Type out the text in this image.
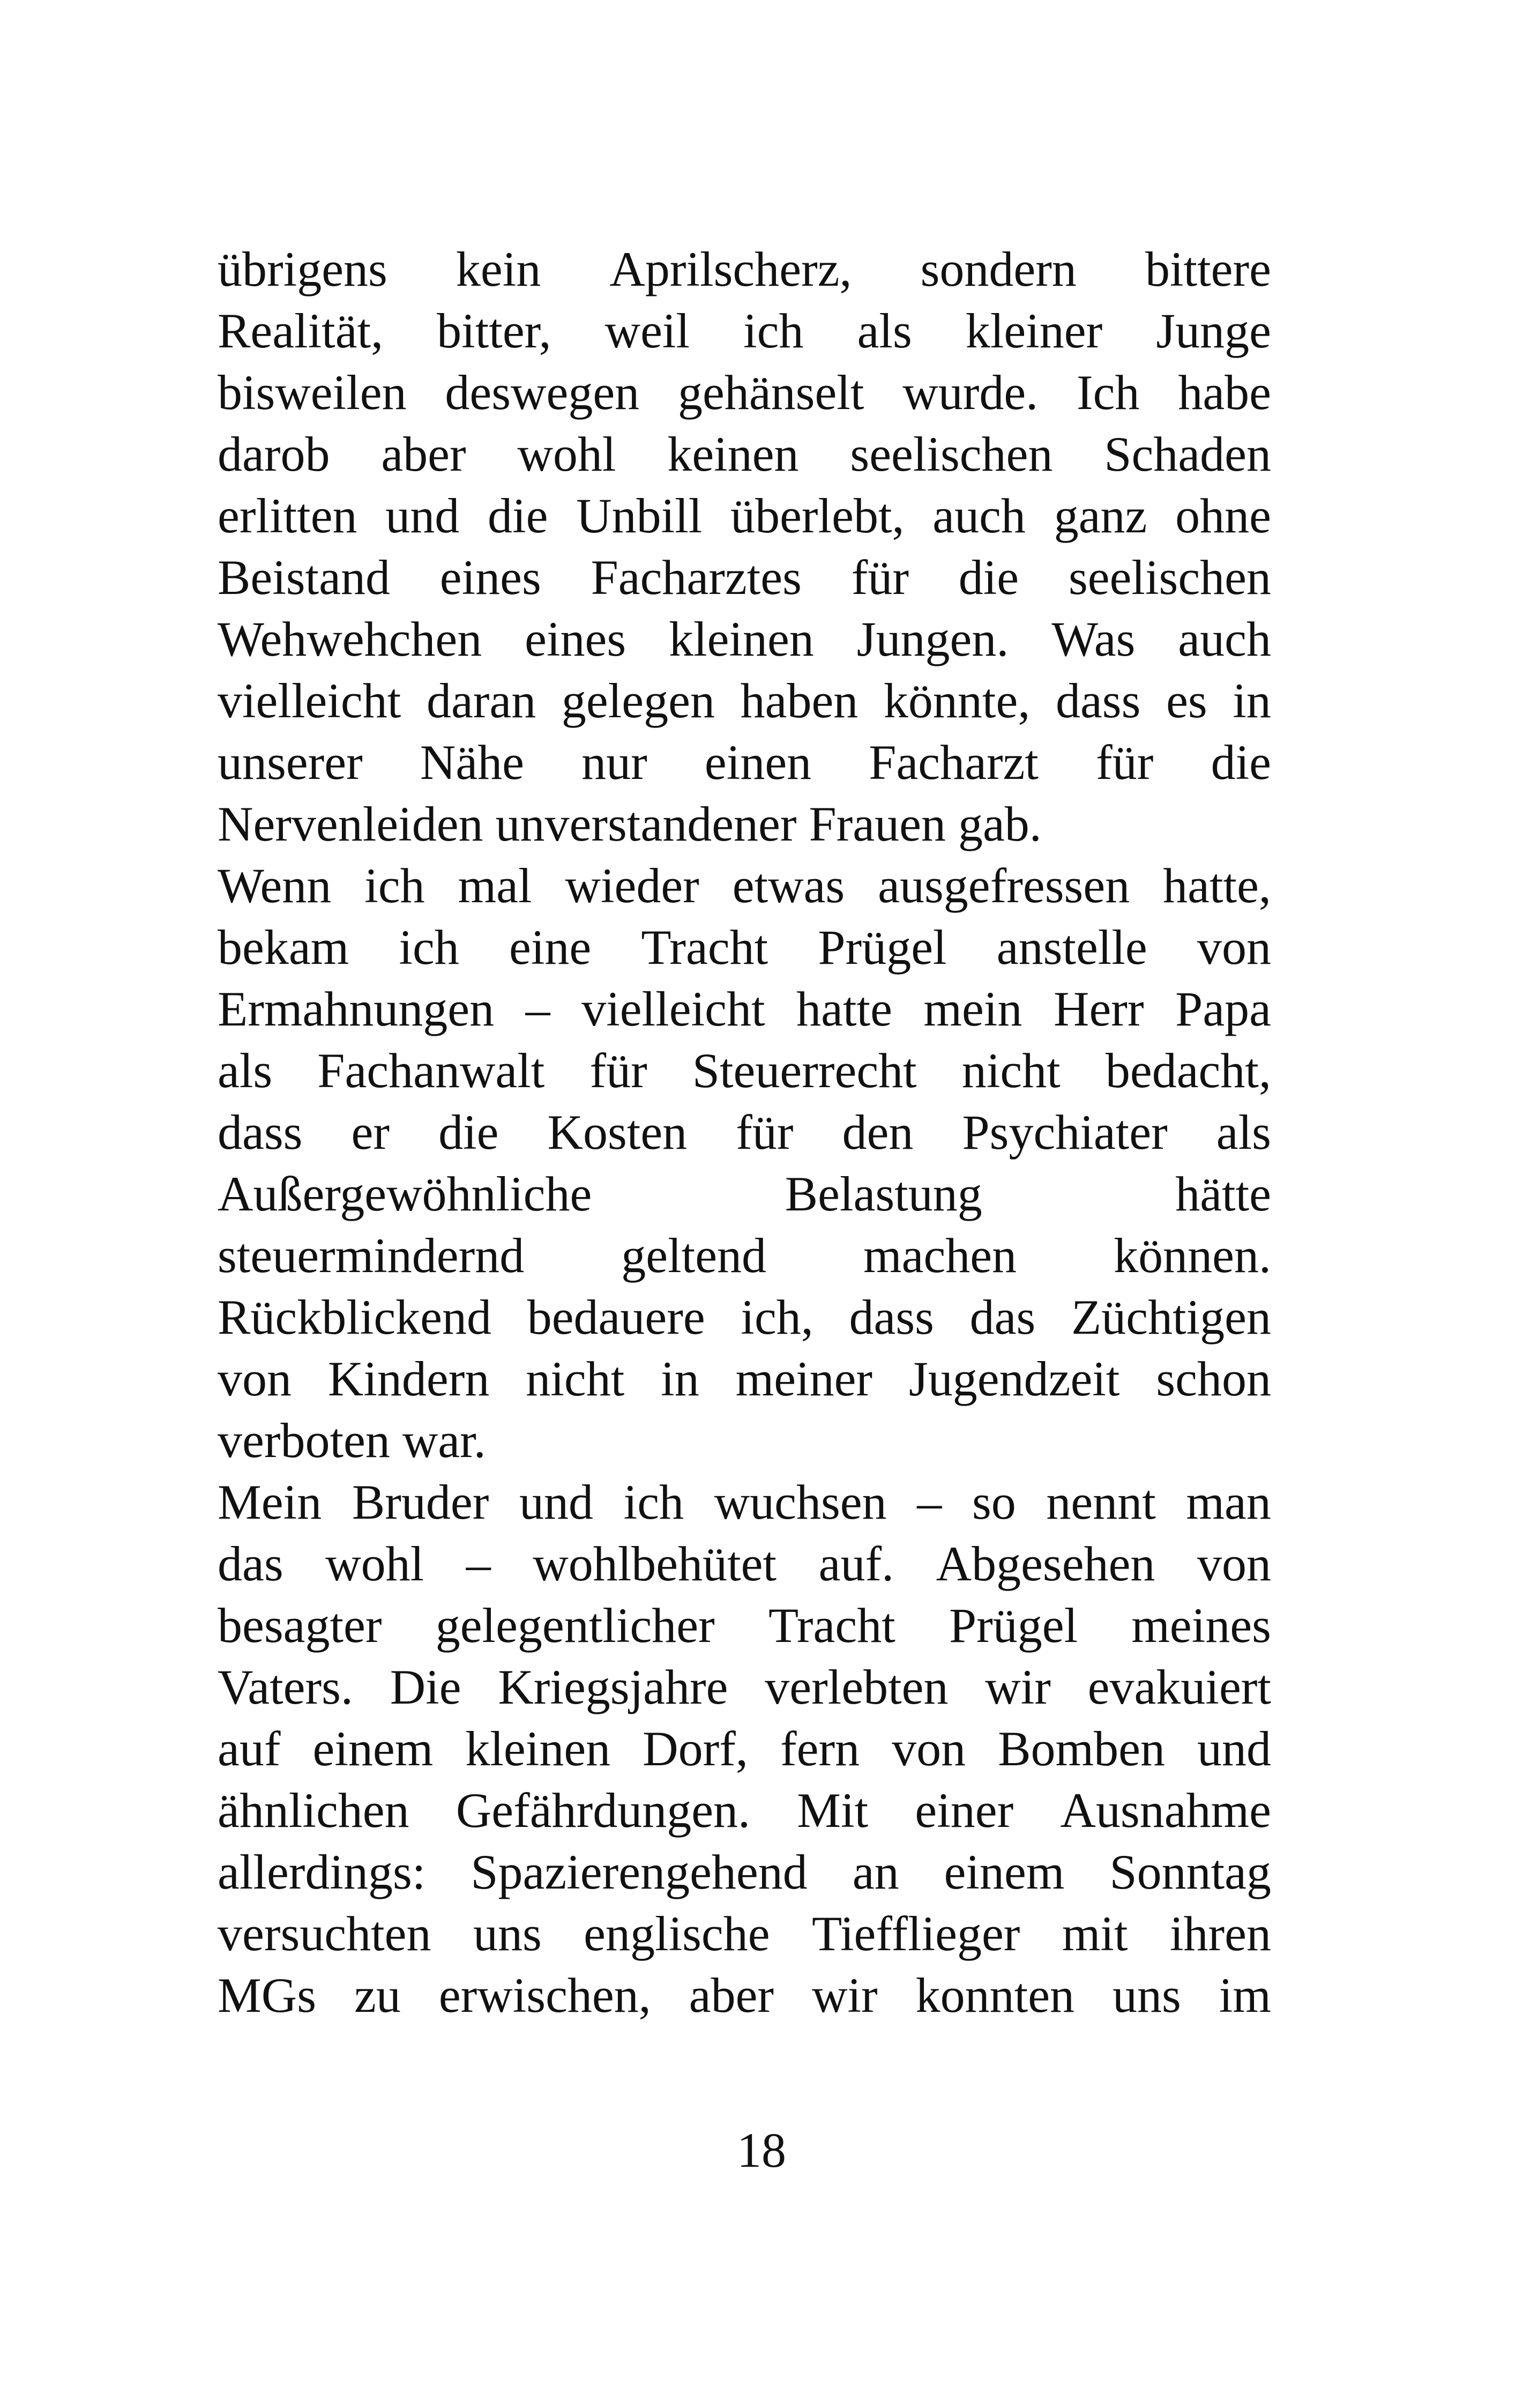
übrigens kein Aprilscherz, sondern bittere
Realität, bitter, weil ich als kleiner Junge
bisweilen deswegen gehänselt wurde. Ich habe
darob aber wohl keinen seelischen Schaden
erlitten und die Unbill überlebt, auch ganz ohne
Beistand eines Facharztes für die seelischen
Wehwehchen eines kleinen Jungen. Was auch
vielleicht daran gelegen haben könnte, dass es in
unserer Nähe nur einen Facharzt für die
Nervenleiden unverstandener Frauen gab.
Wenn ich mal wieder etwas ausgefressen hatte,
bekam ich eine Tracht Prügel anstelle von
Ermahnungen – vielleicht hatte mein Herr Papa
als Fachanwalt für Steuerrecht nicht bedacht,
dass er die Kosten für den Psychiater als
Außergewöhnliche	Belastung	hätte
steuermindernd geltend machen können.
Rückblickend bedauere ich, dass das Züchtigen
von Kindern nicht in meiner Jugendzeit schon
verboten war.
Mein Bruder und ich wuchsen – so nennt man
das wohl – wohlbehütet auf. Abgesehen von
besagter gelegentlicher Tracht Prügel meines
Vaters. Die Kriegsjahre verlebten wir evakuiert
auf einem kleinen Dorf, fern von Bomben und
ähnlichen Gefährdungen. Mit einer Ausnahme
allerdings: Spazierengehend an einem Sonntag
versuchten uns englische Tiefflieger mit ihren
MGs zu erwischen, aber wir konnten uns im
18
